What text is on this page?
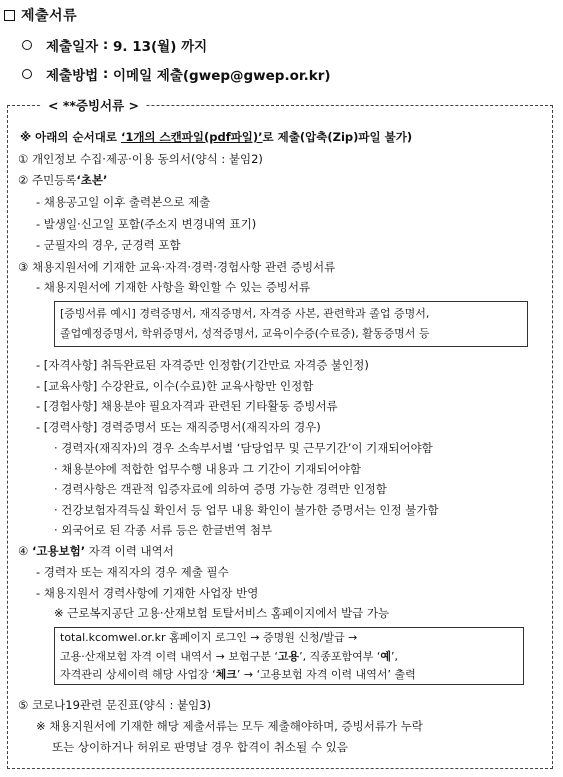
제출서류
제출일자 : 9. 13(월) 까지
제출방법 : 이메일 제출(gwep@gwep.or.kr)
< **증빙서류 >
※ 아래의 순서대로 ‘1개의 스캔파일(pdf파일)’로 제출(압축(Zip)파일 불가)
① 개인정보 수집·제공·이용 동의서(양식 : 붙임2)
② 주민등록‘초본’
- 채용공고일 이후 출력본으로 제출
- 발생일·신고일 포함(주소지 변경내역 표기)
- 군필자의 경우, 군경력 포함
③ 채용지원서에 기재한 교육·자격·경력·경험사항 관련 증빙서류
- 채용지원서에 기재한 사항을 확인할 수 있는 증빙서류
[증빙서류 예시] 경력증명서, 재직증명서, 자격증 사본, 관련학과 졸업 증명서,
졸업예정증명서, 학위증명서, 성적증명서, 교육이수증(수료증), 활동증명서 등
- [자격사항] 취득완료된 자격증만 인정함(기간만료 자격증 불인정)
- [교육사항] 수강완료, 이수(수료)한 교육사항만 인정함
- [경험사항] 채용분야 필요자격과 관련된 기타활동 증빙서류
- [경력사항] 경력증명서 또는 재직증명서(재직자의 경우)
· 경력자(재직자)의 경우 소속부서별 ‘담당업무 및 근무기간’이 기재되어야함
· 채용분야에 적합한 업무수행 내용과 그 기간이 기재되어야함
· 경력사항은 객관적 입증자료에 의하여 증명 가능한 경력만 인정함
· 건강보험자격득실 확인서 등 업무 내용 확인이 불가한 증명서는 인정 불가함
· 외국어로 된 각종 서류 등은 한글번역 첨부
④ ‘고용보험’ 자격 이력 내역서
- 경력자 또는 재직자의 경우 제출 필수
- 채용지원서 경력사항에 기재한 사업장 반영
※ 근로복지공단 고용·산재보험 토탈서비스 홈페이지에서 발급 가능
total.kcomwel.or.kr 홈페이지 로그인 → 증명원 신청/발급 →
고용·산재보험 자격 이력 내역서 → 보험구분 ‘고용’, 직종포함여부 ‘예’,
자격관리 상세이력 해당 사업장 ‘체크’ → ‘고용보험 자격 이력 내역서’ 출력
⑤ 코로나19관련 문진표(양식 : 붙임3)
※ 채용지원서에 기재한 해당 제출서류는 모두 제출해야하며, 증빙서류가 누락
또는 상이하거나 허위로 판명날 경우 합격이 취소될 수 있음
